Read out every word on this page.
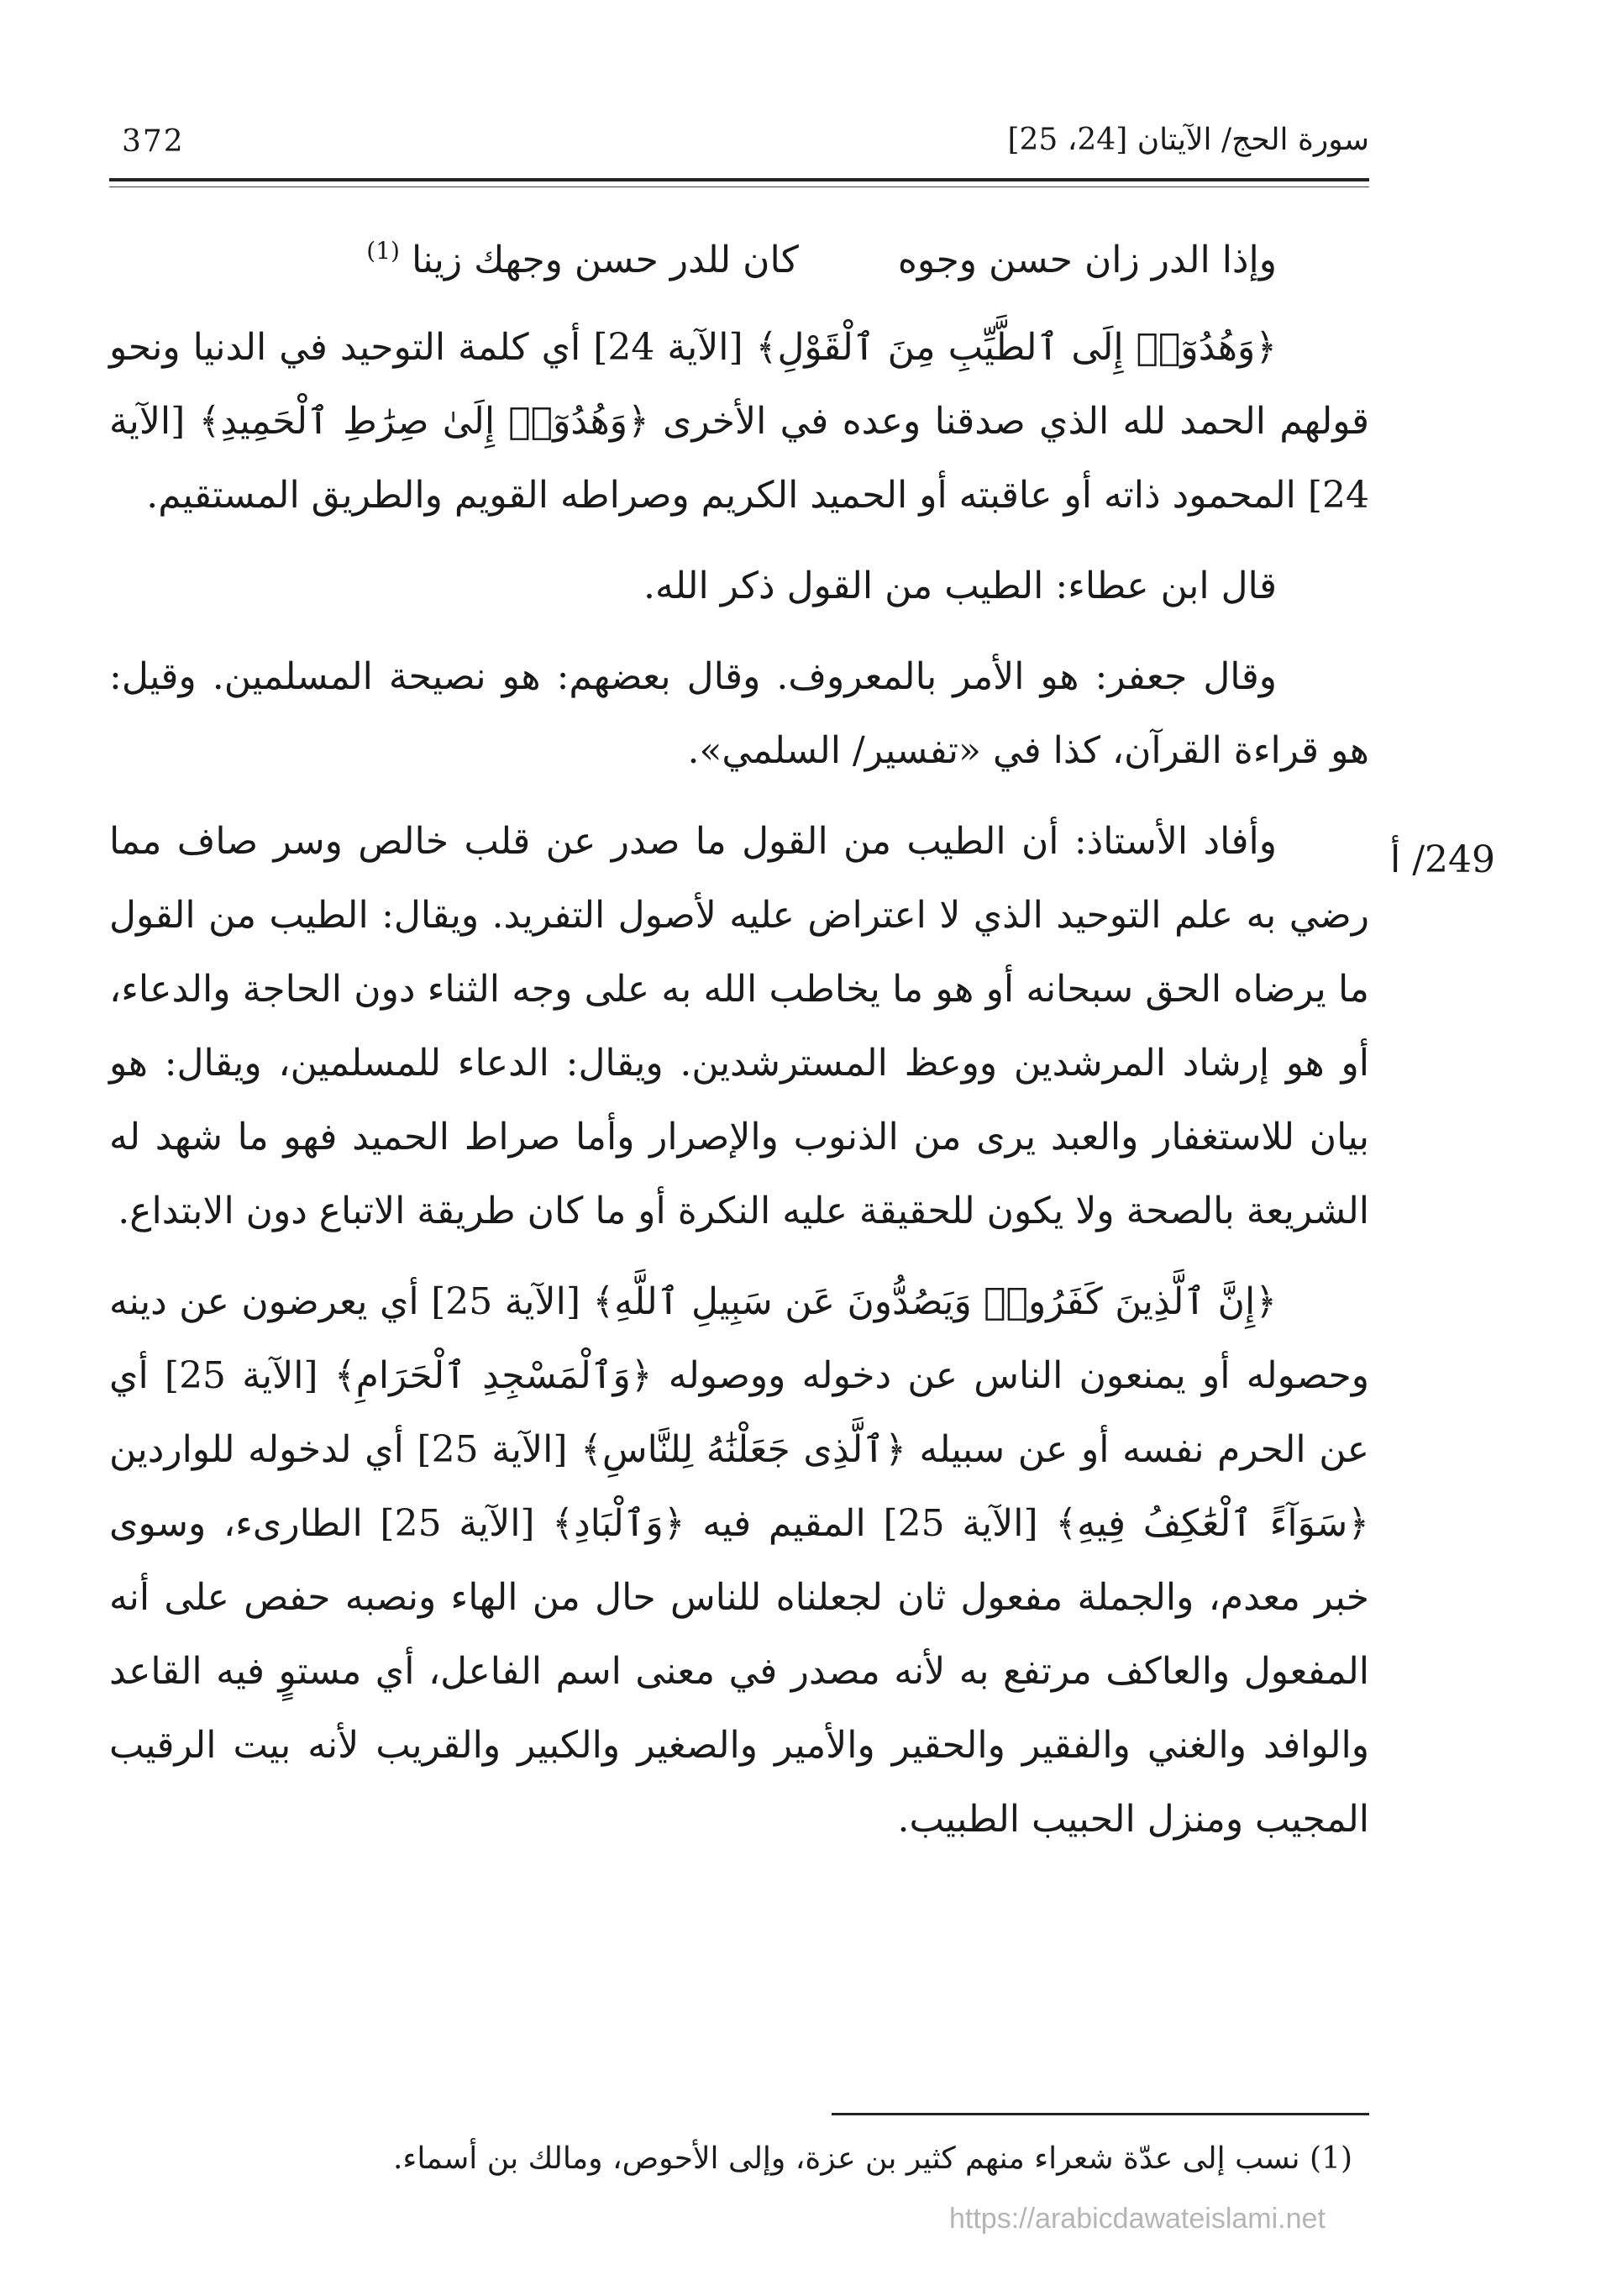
372	سورة الحج/ الآيتان [24، 25]
وإذا الدر زان حسن وجوه  كان للدر حسن وجهك زينا $^{(1)}$

﴿وَهُدُوٓا۟ إِلَى ٱلطَّيِّبِ مِنَ ٱلْقَوْلِ﴾ [الآية 24] أي كلمة التوحيد في الدنيا ونحو قولهم الحمد لله الذي صدقنا وعده في الأخرى ﴿وَهُدُوٓا۟ إِلَىٰ صِرَٰطِ ٱلْحَمِيدِ﴾ [الآية 24] المحمود ذاته أو عاقبته أو الحميد الكريم وصراطه القويم والطريق المستقيم.

قال ابن عطاء: الطيب من القول ذكر الله.

وقال جعفر: هو الأمر بالمعروف. وقال بعضهم: هو نصيحة المسلمين. وقيل: هو قراءة القرآن، كذا في «تفسير/ السلمي».

وأفاد الأستاذ: أن الطيب من القول ما صدر عن قلب خالص وسر صاف مما رضي به علم التوحيد الذي لا اعتراض عليه لأصول التفريد. ويقال: الطيب من القول ما يرضاه الحق سبحانه أو هو ما يخاطب الله به على وجه الثناء دون الحاجة والدعاء، أو هو إرشاد المرشدين ووعظ المسترشدين. ويقال: الدعاء للمسلمين، ويقال: هو بيان للاستغفار والعبد يرى من الذنوب والإصرار وأما صراط الحميد فهو ما شهد له الشريعة بالصحة ولا يكون للحقيقة عليه النكرة أو ما كان طريقة الاتباع دون الابتداع.

﴿إِنَّ ٱلَّذِينَ كَفَرُوا۟ وَيَصُدُّونَ عَن سَبِيلِ ٱللَّهِ﴾ [الآية 25] أي يعرضون عن دينه وحصوله أو يمنعون الناس عن دخوله ووصوله ﴿وَٱلْمَسْجِدِ ٱلْحَرَامِ﴾ [الآية 25] أي عن الحرم نفسه أو عن سبيله ﴿ٱلَّذِى جَعَلْنَٰهُ لِلنَّاسِ﴾ [الآية 25] أي لدخوله للواردين ﴿سَوَآءً ٱلْعَٰكِفُ فِيهِ﴾ [الآية 25] المقيم فيه ﴿وَٱلْبَادِ﴾ [الآية 25] الطارىء، وسوى خبر معدم، والجملة مفعول ثان لجعلناه للناس حال من الهاء ونصبه حفص على أنه المفعول والعاكف مرتفع به لأنه مصدر في معنى اسم الفاعل، أي مستوٍ فيه القاعد والوافد والغني والفقير والحقير والأمير والصغير والكبير والقريب لأنه بيت الرقيب المجيب ومنزل الحبيب الطبيب.

249/ أ
(1) نسب إلى عدّة شعراء منهم كثير بن عزة، وإلى الأحوص، ومالك بن أسماء.
https://arabicdawateislami.net
